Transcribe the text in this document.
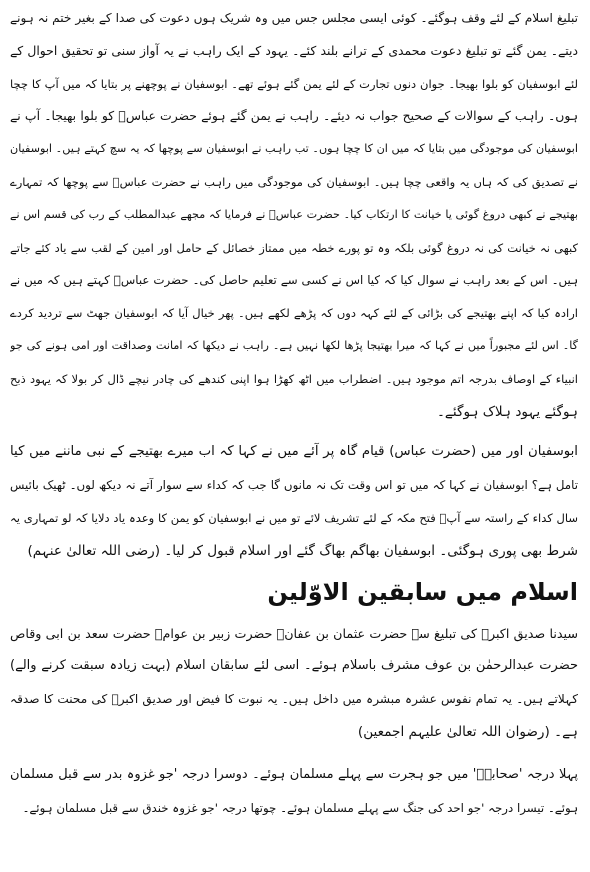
تبلیغ اسلام کے لئے وقف ہوگئے۔ کوئی ایسی مجلس جس میں وہ شریک ہوں دعوت کی صدا کے بغیر ختم نہ ہونے
دیتے۔ یمن گئے تو تبلیغ دعوت محمدی کے ترانے بلند کئے۔ یہود کے ایک راہب نے یہ آواز سنی تو تحقیق احوال کے
لئے ابوسفیان کو بلوا بھیجا۔ جوان دنوں تجارت کے لئے یمن گئے ہوئے تھے۔ ابوسفیان نے پوچھنے پر بتایا کہ میں آپ کا چچا
ہوں۔ راہب کے سوالات کے صحیح جواب نہ دیئے۔ راہب نے یمن گئے ہوئے حضرت عباسؓ کو بلوا بھیجا۔ آپ نے
ابوسفیان کی موجودگی میں بتایا کہ میں ان کا چچا ہوں۔ تب راہب نے ابوسفیان سے پوچھا کہ یہ سچ کہتے ہیں۔ ابوسفیان
نے تصدیق کی کہ ہاں یہ واقعی چچا ہیں۔ ابوسفیان کی موجودگی میں راہب نے حضرت عباسؓ سے پوچھا کہ تمہارے
بھتیجے نے کبھی دروغ گوئی یا خیانت کا ارتکاب کیا۔ حضرت عباسؓ نے فرمایا کہ مجھے عبدالمطلب کے رب کی قسم اس نے
کبھی نہ خیانت کی نہ دروغ گوئی بلکہ وہ تو پورے خطہ میں ممتاز خصائل کے حامل اور امین کے لقب سے یاد کئے جاتے
ہیں۔ اس کے بعد راہب نے سوال کیا کہ کیا اس نے کسی سے تعلیم حاصل کی۔ حضرت عباسؓ کہتے ہیں کہ میں نے
ارادہ کیا کہ اپنے بھتیجے کی بڑائی کے لئے کہہ دوں کہ پڑھے لکھے ہیں۔ پھر خیال آیا کہ ابوسفیان جھٹ سے تردید کردے
گا۔ اس لئے مجبوراً میں نے کہا کہ میرا بھتیجا پڑھا لکھا نہیں ہے۔ راہب نے دیکھا کہ امانت وصداقت اور امی ہونے کی جو
انبیاء کے اوصاف بدرجہ اتم موجود ہیں۔ اضطراب میں اٹھ کھڑا ہوا اپنی کندھے کی چادر نیچے ڈال کر بولا کہ یہود ذبح
ہوگئے یہود ہلاک ہوگئے۔
ابوسفیان اور میں (حضرت عباس) قیام گاہ پر آئے میں نے کہا کہ اب میرے بھتیجے کے نبی ماننے میں کیا
تامل ہے؟ ابوسفیان نے کہا کہ میں تو اس وقت تک نہ مانوں گا جب کہ کداء سے سوار آتے نہ دیکھ لوں۔ ٹھیک بائیس
سال کداء کے راستہ سے آپؐ فتح مکہ کے لئے تشریف لائے تو میں نے ابوسفیان کو یمن کا وعدہ یاد دلایا کہ لو تمہاری یہ
شرط بھی پوری ہوگئی۔ ابوسفیان بھاگم بھاگ گئے اور اسلام قبول کر لیا۔ (رضی اللہ تعالیٰ عنہم)
اسلام میں سابقین الاوّلین
سیدنا صدیق اکبرؓ کی تبلیغ سے حضرت عثمان بن عفانؓ حضرت زبیر بن عوامؓ حضرت سعد بن ابی وقاص
حضرت عبدالرحمٰن بن عوف مشرف باسلام ہوئے۔ اسی لئے سابقان اسلام (بہت زیادہ سبقت کرنے والے)
کہلاتے ہیں۔ یہ تمام نفوس عشرہ مبشرہ میں داخل ہیں۔ یہ نبوت کا فیض اور صدیق اکبرؓ کی محنت کا صدقہ
ہے۔ (رضوان اللہ تعالیٰ علیہم اجمعین)
پہلا درجہ 'صحابہؓ' میں جو ہجرت سے پہلے مسلمان ہوئے۔ دوسرا درجہ 'جو غزوہ بدر سے قبل مسلمان
ہوئے۔ تیسرا درجہ 'جو احد کی جنگ سے پہلے مسلمان ہوئے۔ چوتھا درجہ 'جو غزوہ خندق سے قبل مسلمان ہوئے۔
